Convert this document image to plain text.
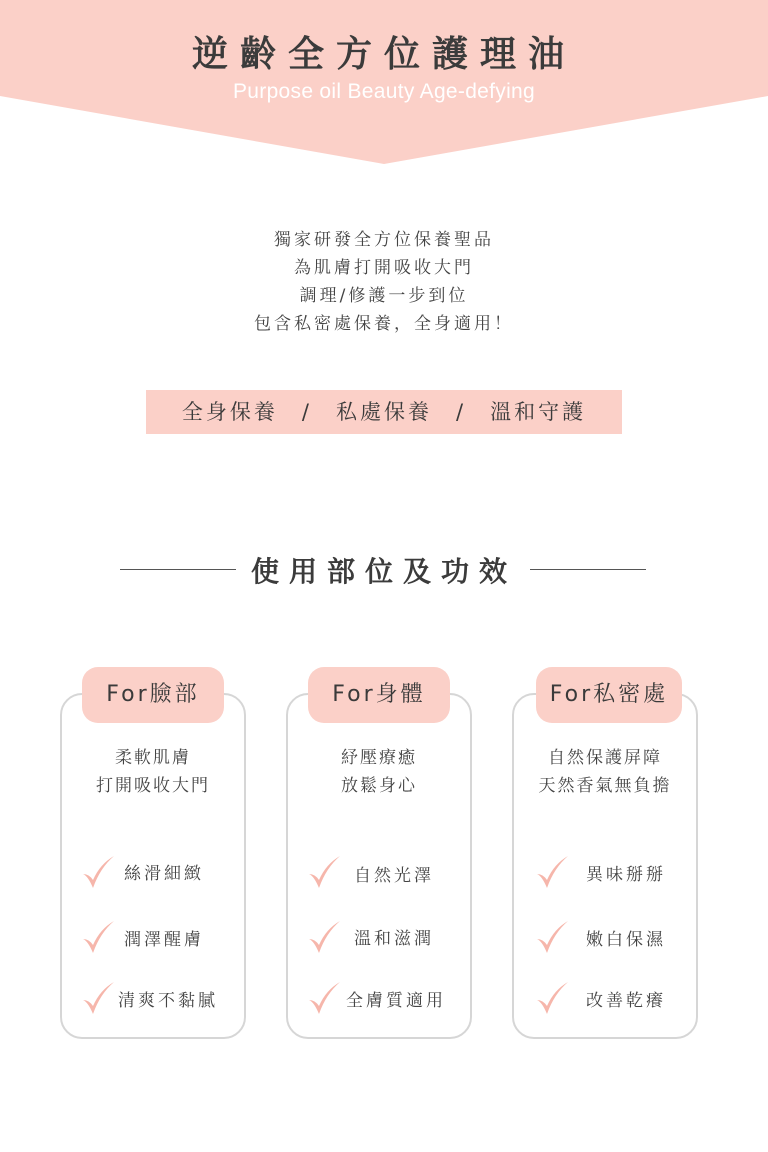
逆齡全方位護理油
Purpose oil Beauty Age-defying
獨家研發全方位保養聖品
為肌膚打開吸收大門
調理/修護一步到位
包含私密處保養，全身適用！
全身保養　/　私處保養　/　溫和守護
使用部位及功效
For臉部	For身體	For私密處
柔軟肌膚
打開吸收大門
紓壓療癒
放鬆身心
自然保護屏障
天然香氣無負擔
絲滑細緻
潤澤醒膚
清爽不黏膩
自然光澤
溫和滋潤
全膚質適用
異味掰掰
嫩白保濕
改善乾癢
